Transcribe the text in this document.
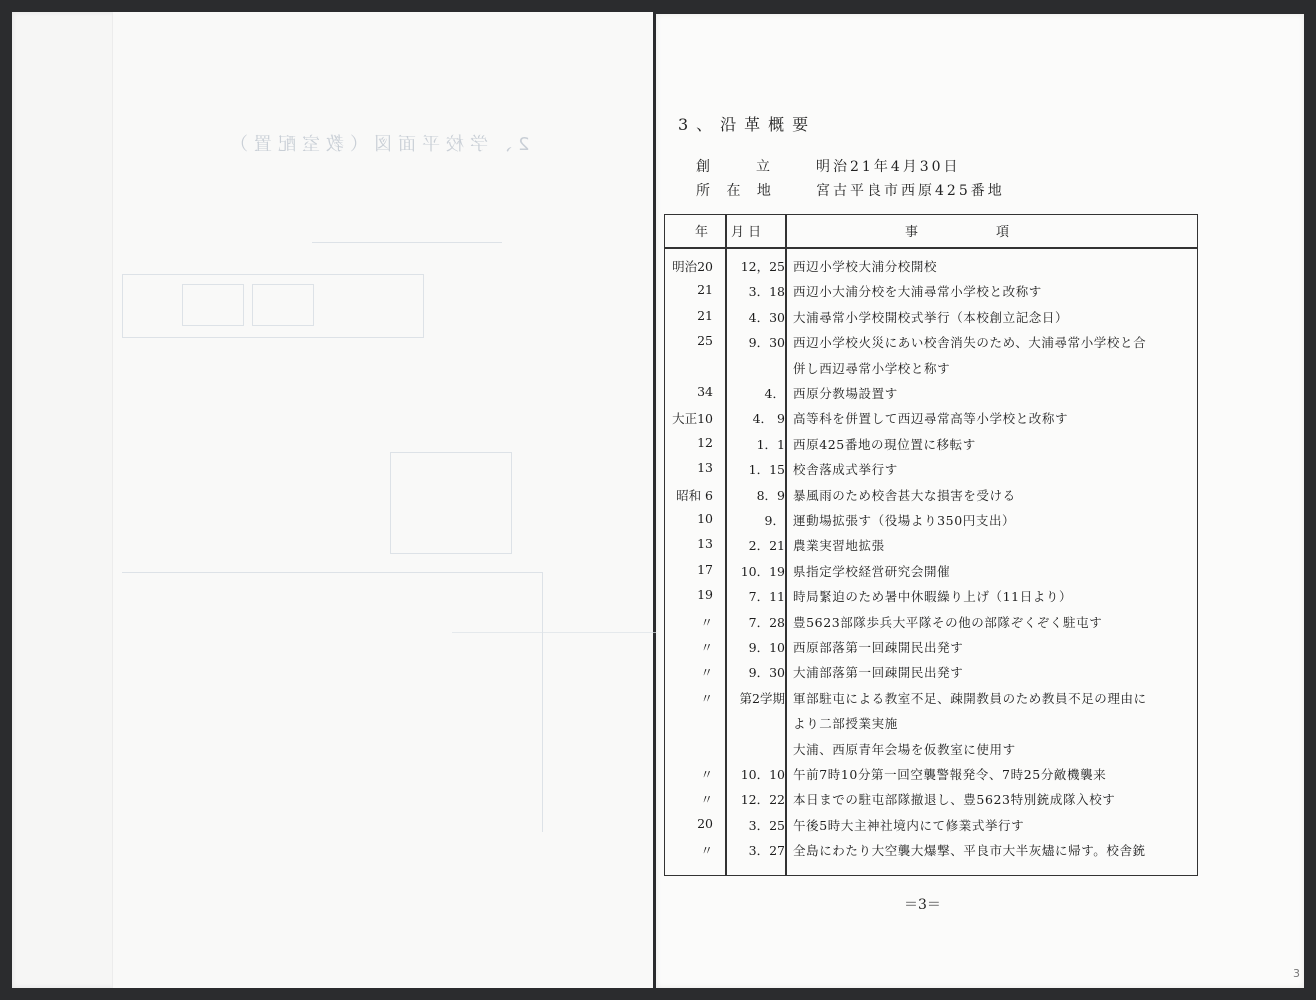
2、学校平面図（教室配置）
3、沿革概要
創　　立	明治21年4月30日
所 在 地	宮古平良市西原425番地
年 月 日	事　　　　　　項
明治20	12，25 西辺小学校大浦分校開校
21	3．18 西辺小大浦分校を大浦尋常小学校と改称す
21	4．30 大浦尋常小学校開校式挙行（本校創立記念日）
25	9．30 西辺小学校火災にあい校舎消失のため、大浦尋常小学校と合
併し西辺尋常小学校と称す
34	4． 西原分教場設置す
大正10	4． 9 高等科を併置して西辺尋常高等小学校と改称す
12	1．1 西原425番地の現位置に移転す
13	1．15 校舎落成式挙行す
昭和 6	8．9 暴風雨のため校舎甚大な損害を受ける
10	9． 運動場拡張す（役場より350円支出）
13	2．21 農業実習地拡張
17	10．19 県指定学校経営研究会開催
19	7．11 時局緊迫のため暑中休暇繰り上げ（11日より）
〃	7．28 豊5623部隊歩兵大平隊その他の部隊ぞくぞく駐屯す
〃	9．10 西原部落第一回疎開民出発す
〃	9．30 大浦部落第一回疎開民出発す
〃	第2学期 軍部駐屯による教室不足、疎開教員のため教員不足の理由に
より二部授業実施
大浦、西原青年会場を仮教室に使用す
〃	10．10 午前7時10分第一回空襲警報発令、7時25分敵機襲来
〃	12．22 本日までの駐屯部隊撤退し、豊5623特別銃成隊入校す
20	3．25 午後5時大主神社境内にて修業式挙行す
〃	3．27 全島にわたり大空襲大爆撃、平良市大半灰燼に帰す。校舎銃
＝3＝
3
